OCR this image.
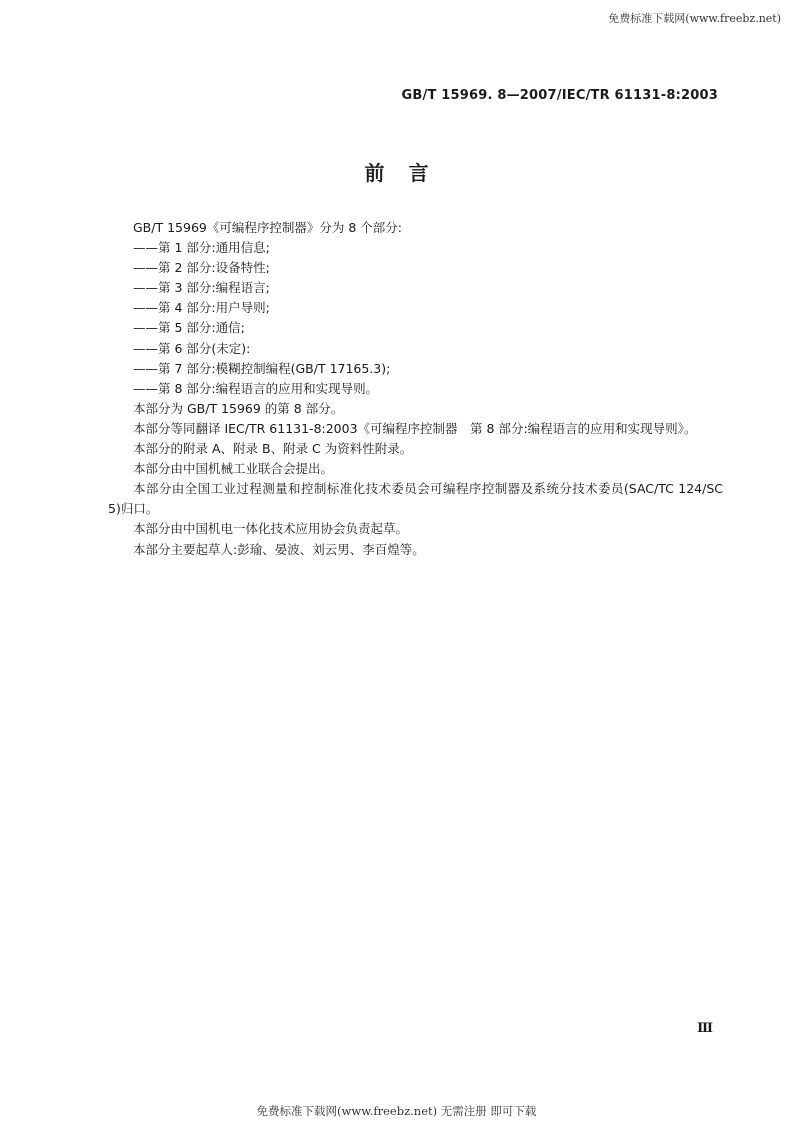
免费标准下载网(www.freebz.net)
GB/T 15969. 8—2007/IEC/TR 61131-8:2003
前言

GB/T 15969《可编程序控制器》分为 8 个部分:

——第 1 部分:通用信息;

——第 2 部分:设备特性;

——第 3 部分:编程语言;

——第 4 部分:用户导则;

——第 5 部分:通信;

——第 6 部分(未定):

——第 7 部分:模糊控制编程(GB/T 17165.3);

——第 8 部分:编程语言的应用和实现导则。

本部分为 GB/T 15969 的第 8 部分。

本部分等同翻译 IEC/TR 61131-8:2003《可编程序控制器　第 8 部分:编程语言的应用和实现导则》。

本部分的附录 A、附录 B、附录 C 为资料性附录。

本部分由中国机械工业联合会提出。

本部分由全国工业过程测量和控制标准化技术委员会可编程序控制器及系统分技术委员(SAC/TC 124/SC 5)归口。

本部分由中国机电一体化技术应用协会负责起草。

本部分主要起草人:彭瑜、晏波、刘云男、李百煌等。

Ⅲ
免费标准下载网(www.freebz.net) 无需注册 即可下载
